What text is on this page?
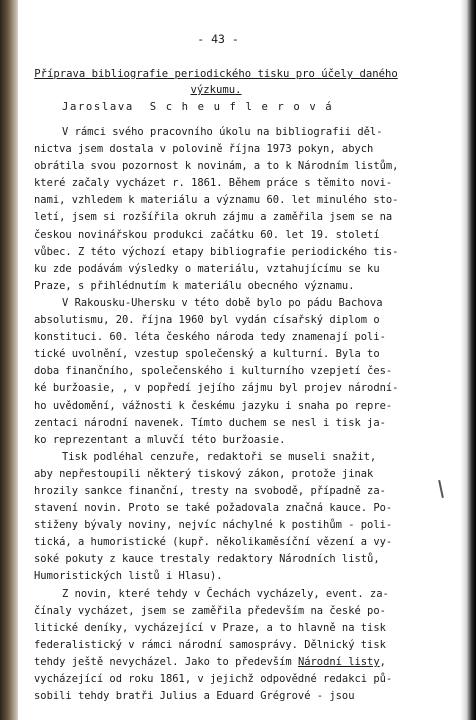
- 43 -
Příprava bibliografie periodického tisku pro účely daného
výzkumu.
Jaroslava  S c h e u f l e r o v á

V rámci svého pracovního úkolu na bibliografii děl-
nictva jsem dostala v polovině října 1973 pokyn, abych
obrátila svou pozornost k novinám, a to k Národním listům,
které začaly vycházet r. 1861. Během práce s těmito novi-
nami, vzhledem k materiálu a významu 60. let minulého sto-
letí, jsem si rozšířila okruh zájmu a zaměřila jsem se na
českou novinářskou produkci začátku 60. let 19. století
vůbec. Z této výchozí etapy bibliografie periodického tis-
ku zde podávám výsledky o materiálu, vztahujícímu se ku
Praze, s přihlédnutím k materiálu obecného významu.

V Rakousku-Uhersku v této době bylo po pádu Bachova
absolutismu, 20. října 1960 byl vydán císařský diplom o
konstituci. 60. léta českého národa tedy znamenají poli-
tické uvolnění, vzestup společenský a kulturní. Byla to
doba finančního, společenského i kulturního vzepjetí čes-
ké buržoasie, , v popředí jejího zájmu byl projev národní-
ho uvědomění, vážnosti k českému jazyku i snaha po repre-
zentaci národní navenek. Tímto duchem se nesl i tisk ja-
ko reprezentant a mluvčí této buržoasie.

Tisk podléhal cenzuře, redaktoři se museli snažit,
aby nepřestoupili některý tiskový zákon, protože jinak
hrozily sankce finanční, tresty na svobodě, případně za-
stavení novin. Proto se také požadovala značná kauce. Po-
stiženy bývaly noviny, nejvíc náchylné k postihům - poli-
tická, a humoristické (kupř. několikaměsíční vězení a vy-
soké pokuty z kauce trestaly redaktory Národních listů,
Humoristických listů i Hlasu).

Z novin, které tehdy v Čechách vycházely, event. za-
čínaly vycházet, jsem se zaměřila především na české po-
litické deníky, vycházející v Praze, a to hlavně na tisk
federalistický v rámci národní samosprávy. Dělnický tisk
tehdy ještě nevycházel. Jako to především Národní listy,
vycházející od roku 1861, v jejichž odpovědné redakci pů-
sobili tehdy bratři Julius a Eduard Grégrové - jsou
